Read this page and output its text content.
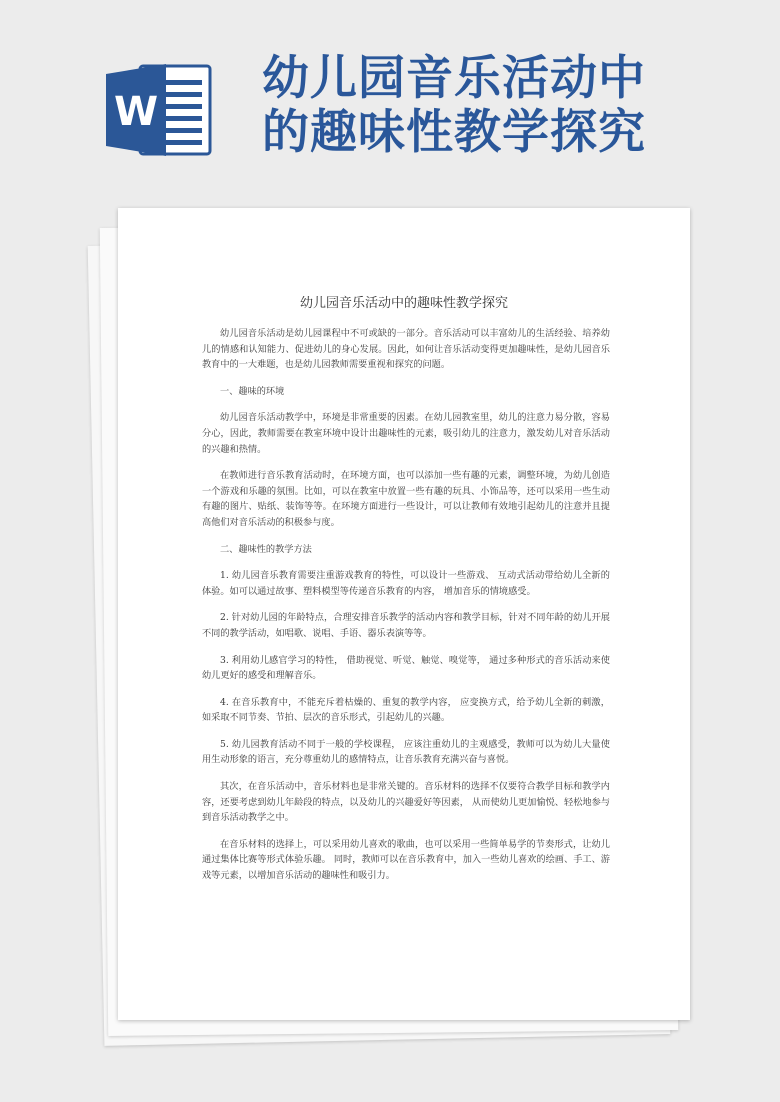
W
幼儿园音乐活动中
的趣味性教学探究
幼儿园音乐活动中的趣味性教学探究

幼儿园音乐活动是幼儿园课程中不可或缺的一部分。音乐活动可以丰富幼儿的生活经验、培养幼儿的情感和认知能力、促进幼儿的身心发展。因此，如何让音乐活动变得更加趣味性，是幼儿园音乐教育中的一大难题，也是幼儿园教师需要重视和探究的问题。

一、趣味的环境

幼儿园音乐活动教学中，环境是非常重要的因素。在幼儿园教室里，幼儿的注意力易分散，容易分心，因此，教师需要在教室环境中设计出趣味性的元素，吸引幼儿的注意力，激发幼儿对音乐活动的兴趣和热情。

在教师进行音乐教育活动时，在环境方面，也可以添加一些有趣的元素，调整环境，为幼儿创造一个游戏和乐趣的氛围。比如，可以在教室中放置一些有趣的玩具、小饰品等，还可以采用一些生动有趣的图片、贴纸、装饰等等。在环境方面进行一些设计，可以让教师有效地引起幼儿的注意并且提高他们对音乐活动的积极参与度。

二、趣味性的教学方法

1. 幼儿园音乐教育需要注重游戏教育的特性，可以设计一些游戏、 互动式活动带给幼儿全新的体验。如可以通过故事、塑料模型等传递音乐教育的内容， 增加音乐的情境感受。

2. 针对幼儿园的年龄特点，合理安排音乐教学的活动内容和教学目标，针对不同年龄的幼儿开展不同的教学活动，如唱歌、说唱、手语、器乐表演等等。

3. 利用幼儿感官学习的特性， 借助视觉、听觉、触觉、嗅觉等， 通过多种形式的音乐活动来使幼儿更好的感受和理解音乐。

4. 在音乐教育中，不能充斥着枯燥的、重复的教学内容， 应变换方式，给予幼儿全新的刺激，如采取不同节奏、节拍、层次的音乐形式，引起幼儿的兴趣。

5. 幼儿园教育活动不同于一般的学校课程， 应该注重幼儿的主观感受，教师可以为幼儿大量使用生动形象的语言，充分尊重幼儿的感情特点，让音乐教育充满兴奋与喜悦。

其次，在音乐活动中，音乐材料也是非常关键的。音乐材料的选择不仅要符合教学目标和教学内容，还要考虑到幼儿年龄段的特点，以及幼儿的兴趣爱好等因素， 从而使幼儿更加愉悦、轻松地参与到音乐活动教学之中。

在音乐材料的选择上，可以采用幼儿喜欢的歌曲，也可以采用一些简单易学的节奏形式，让幼儿通过集体比赛等形式体验乐趣。 同时，教师可以在音乐教育中，加入一些幼儿喜欢的绘画、手工、游戏等元素，以增加音乐活动的趣味性和吸引力。
